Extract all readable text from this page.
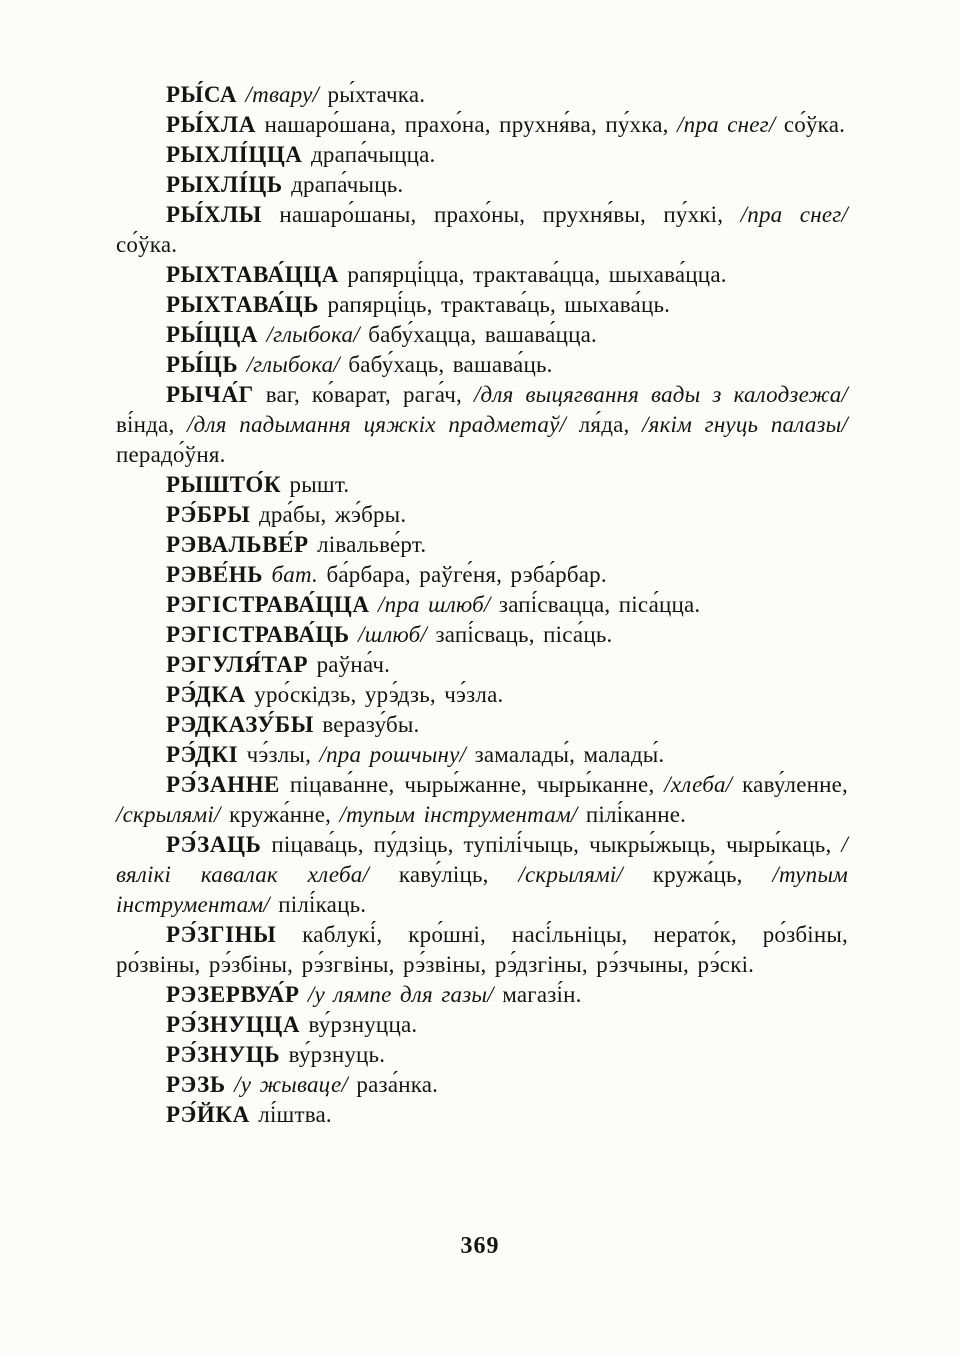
РЫ́СА /твару/ ры́хтачка.

РЫ́ХЛА нашаро́шана, прахо́на, прухня́ва, пу́хка, /пра снег/ со́ўка.

РЫХЛІ́ЦЦА драпа́чыцца.

РЫХЛІ́ЦЬ драпа́чыць.

РЫ́ХЛЫ нашаро́шаны, прахо́ны, прухня́вы, пу́хкі, /пра снег/ со́ўка.

РЫХТАВА́ЦЦА рапярці́цца, трактава́цца, шыхава́цца.

РЫХТАВА́ЦЬ рапярці́ць, трактава́ць, шыхава́ць.

РЫ́ЦЦА /глыбока/ бабу́хацца, вашава́цца.

РЫ́ЦЬ /глыбока/ бабу́хаць, вашава́ць.

РЫЧА́Г ваг, ко́варат, рага́ч, /для выцягвання вады з калодзежа/ ві́нда, /для падымання цяжкіх прадметаў/ ля́да, /якім гнуць палазы/ перадо́ўня.

РЫШТО́К рышт.

РЭ́БРЫ дра́бы, жэ́бры.

РЭВАЛЬВЕ́Р лівальве́рт.

РЭВЕ́НЬ бат. ба́рбара, раўге́ня, рэба́рбар.

РЭГІСТРАВА́ЦЦА /пра шлюб/ запі́свацца, піса́цца.

РЭГІСТРАВА́ЦЬ /шлюб/ запі́сваць, піса́ць.

РЭГУЛЯ́ТАР раўна́ч.

РЭ́ДКА уро́скідзь, урэ́дзь, чэ́зла.

РЭДКАЗУ́БЫ веразу́бы.

РЭ́ДКІ чэ́злы, /пра рошчыну/ замалады́, малады́.

РЭ́ЗАННЕ піцава́нне, чыры́жанне, чыры́канне, /хлеба/ каву́ленне, /скрылямі/ кружа́нне, /тупым інструментам/ пілі́канне.

РЭ́ЗАЦЬ піцава́ць, пу́дзіць, тупілі́чыць, чыкры́жыць, чыры́каць, /вялікі кавалак хлеба/ каву́ліць, /скрылямі/ кружа́ць, /тупым інструментам/ пілі́каць.

РЭ́ЗГІНЫ каблукі́, кро́шні, насі́льніцы, нерато́к, ро́збіны, ро́звіны, рэ́збіны, рэ́згвіны, рэ́звіны, рэ́дзгіны, рэ́зчыны, рэ́скі.

РЭЗЕРВУА́Р /у лямпе для газы/ магазі́н.

РЭ́ЗНУЦЦА ву́рзнуцца.

РЭ́ЗНУЦЬ ву́рзнуць.

РЭЗЬ /у жываце/ раза́нка.

РЭ́ЙКА лі́штва.

369
